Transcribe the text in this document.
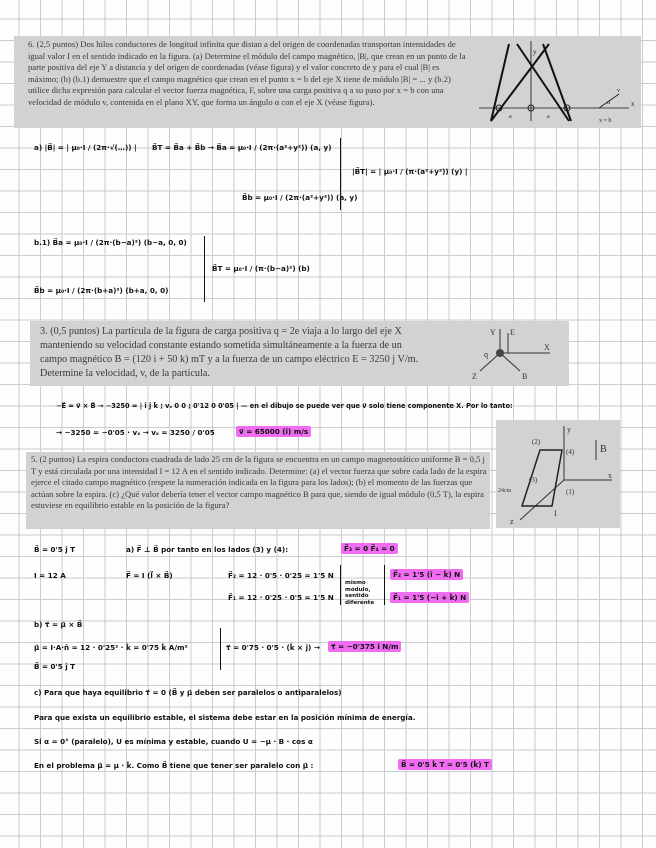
6. (2,5 puntos) Dos hilos conductores de longitud infinita que distan a del origen de coordenadas transportan intensidades de igual valor I en el sentido indicado en la figura. (a) Determine el módulo del campo magnético, |B|, que crean en un punto de la parte positiva del eje Y a distancia y del origen de coordenadas (véase figura) y el valor concreto de y para el cual |B| es máximo; (b) (b.1) demuestre que el campo magnético que crean en el punto x = b del eje X tiene de módulo |B| = ... y (b.2) utilice dicha expresión para calcular el vector fuerza magnética, F, sobre una carga positiva q a su paso por x = b con una velocidad de módulo v, contenida en el plano XY, que forma un ángulo α con el eje X (véase figura).
y
x
a	a
x = b
v
α
a) |B⃗| = | μ₀·I / (2π·√(…)) | B⃗T = B⃗a + B⃗b → B⃗a = μ₀·I / (2π·(a²+y²)) (a, y)
B⃗b = μ₀·I / (2π·(a²+y²)) (a, y)
|B⃗T| = | μ₀·I / (π·(a²+y²)) (y) |
b.1) B⃗a = μ₀·I / (2π·(b−a)²) (b−a, 0, 0)
B⃗b = μ₀·I / (2π·(b+a)²) (b+a, 0, 0)
B⃗T = μ₀·I / (π·(b−a)²) (b)
3. (0,5 puntos) La partícula de la figura de carga positiva q = 2e viaja a lo largo del eje X manteniendo su velocidad constante estando sometida simultáneamente a la fuerza de un campo magnético B = (120 i + 50 k) mT y a la fuerza de un campo eléctrico E = 3250 j V/m. Determine la velocidad, v, de la partícula.
Y E
q
X
Z	B
−E⃗ = v⃗ × B⃗ → −3250 = | î ĵ k̂ ; vₓ 0 0 ; 0'12 0 0'05 | — en el dibujo se puede ver que v⃗ solo tiene componente X. Por lo tanto:
→ −3250 = −0'05 · vₓ → vₓ = 3250 / 0'05	v⃗ = 65000 (î) m/s
5. (2 puntos) La espira conductora cuadrada de lado 25 cm de la figura se encuentra en un campo magnetostático uniforme B = 0,5 j T y está circulada por una intensidad I = 12 A en el sentido indicado. Determine: (a) el vector fuerza que sobre cada lado de la espira ejerce el citado campo magnético (respete la numeración indicada en la figura para los lados); (b) el momento de las fuerzas que actúan sobre la espira. (c) ¿Qué valor debería tener el vector campo magnético B para que, siendo de igual módulo (0,5 T), la espira estuviese en equilibrio estable en la posición de la figura?
y
(2)
(4)	B
(3)	x
24cm	(1)
I
z
B⃗ = 0'5 ĵ T
I = 12 A
a) F⃗ ⊥ B⃗ por tanto en los lados (3) y (4):	F⃗₃ = 0 F⃗₄ = 0
F⃗ = I (l⃗ × B⃗)	F⃗₂ = 12 · 0'5 · 0'25 = 1'5 N
F⃗₁ = 12 · 0'25 · 0'5 = 1'5 N
mismo módulo, sentido diferente
F⃗₂ = 1'5 (î − k̂) N
F⃗₁ = 1'5 (−î + k̂) N
b) τ⃗ = μ⃗ × B⃗
μ⃗ = I·A·n̂ = 12 · 0'25² · k̂ = 0'75 k̂ A/m²	τ⃗ = 0'75 · 0'5 · (k̂ × ĵ) →	τ⃗ = −0'375 î N/m
B⃗ = 0'5 ĵ T
c) Para que haya equilibrio τ⃗ = 0 (B⃗ y μ⃗ deben ser paralelos o antiparalelos)
Para que exista un equilibrio estable, el sistema debe estar en la posición mínima de energía.
Si α = 0° (paralelo), U es mínima y estable, cuando U = −μ · B · cos α
En el problema μ⃗ = μ · k̂. Como B⃗ tiene que tener ser paralelo con μ⃗ :	B⃗ = 0'5 k̂ T = 0'5 (k̂) T
